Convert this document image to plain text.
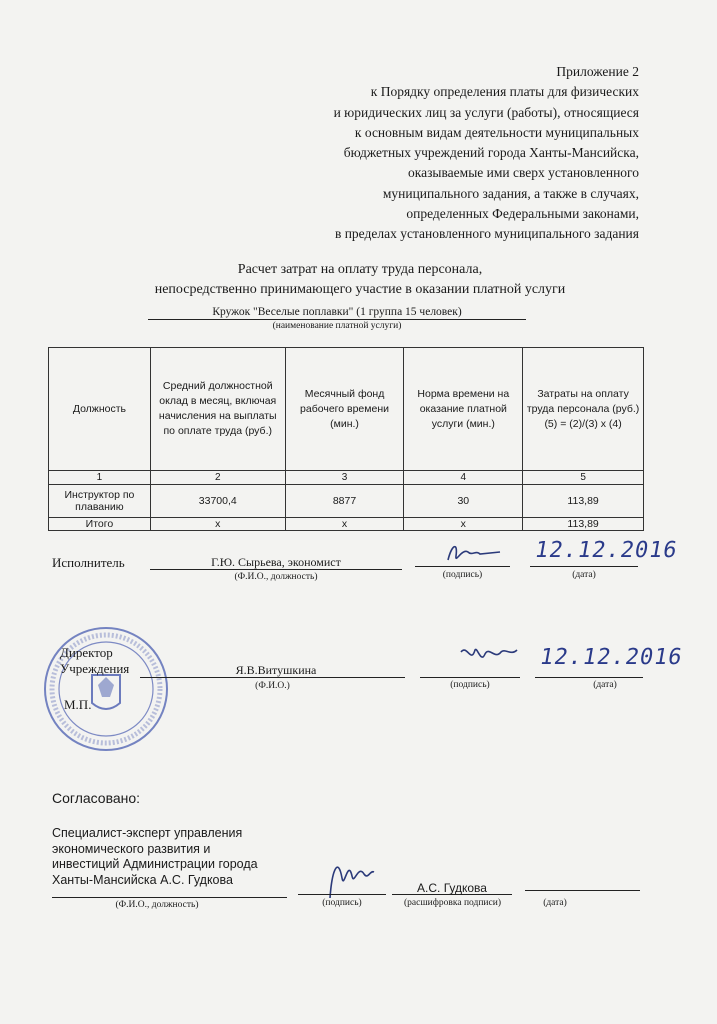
Приложение 2
к Порядку определения платы для физических
и юридических лиц за услуги (работы), относящиеся
к основным видам деятельности муниципальных
бюджетных учреждений города Ханты-Мансийска,
оказываемые ими сверх установленного
муниципального задания, а также в случаях,
определенных Федеральными законами,
в пределах установленного муниципального задания
Расчет затрат на оплату труда персонала,
непосредственно принимающего участие в оказании платной услуги
Кружок "Веселые поплавки" (1 группа 15 человек)
(наименование платной услуги)
Должность	Средний должностной оклад в месяц, включая начисления на выплаты по оплате труда (руб.)	Месячный фонд рабочего времени (мин.)	Норма времени на оказание платной услуги (мин.)	Затраты на оплату труда персонала (руб.) (5) = (2)/(3) х (4)
1	2	3	4	5
Инструктор по плаванию	33700,4	8877	30	113,89
Итого	х	х	х	113,89
Исполнитель	Г.Ю. Сырьева, экономист
(Ф.И.О., должность)	(подпись)
12.12.2016
(дата)
Директор
Учреждения	Я.В.Витушкина
(Ф.И.О.)	(подпись)
12.12.2016
(дата)
М.П.
Согласовано:
Специалист-эксперт управления экономического развития и инвестиций Администрации города Ханты-Мансийска А.С. Гудкова
(Ф.И.О., должность)	(подпись)
А.С. Гудкова
(расшифровка подписи)	(дата)
